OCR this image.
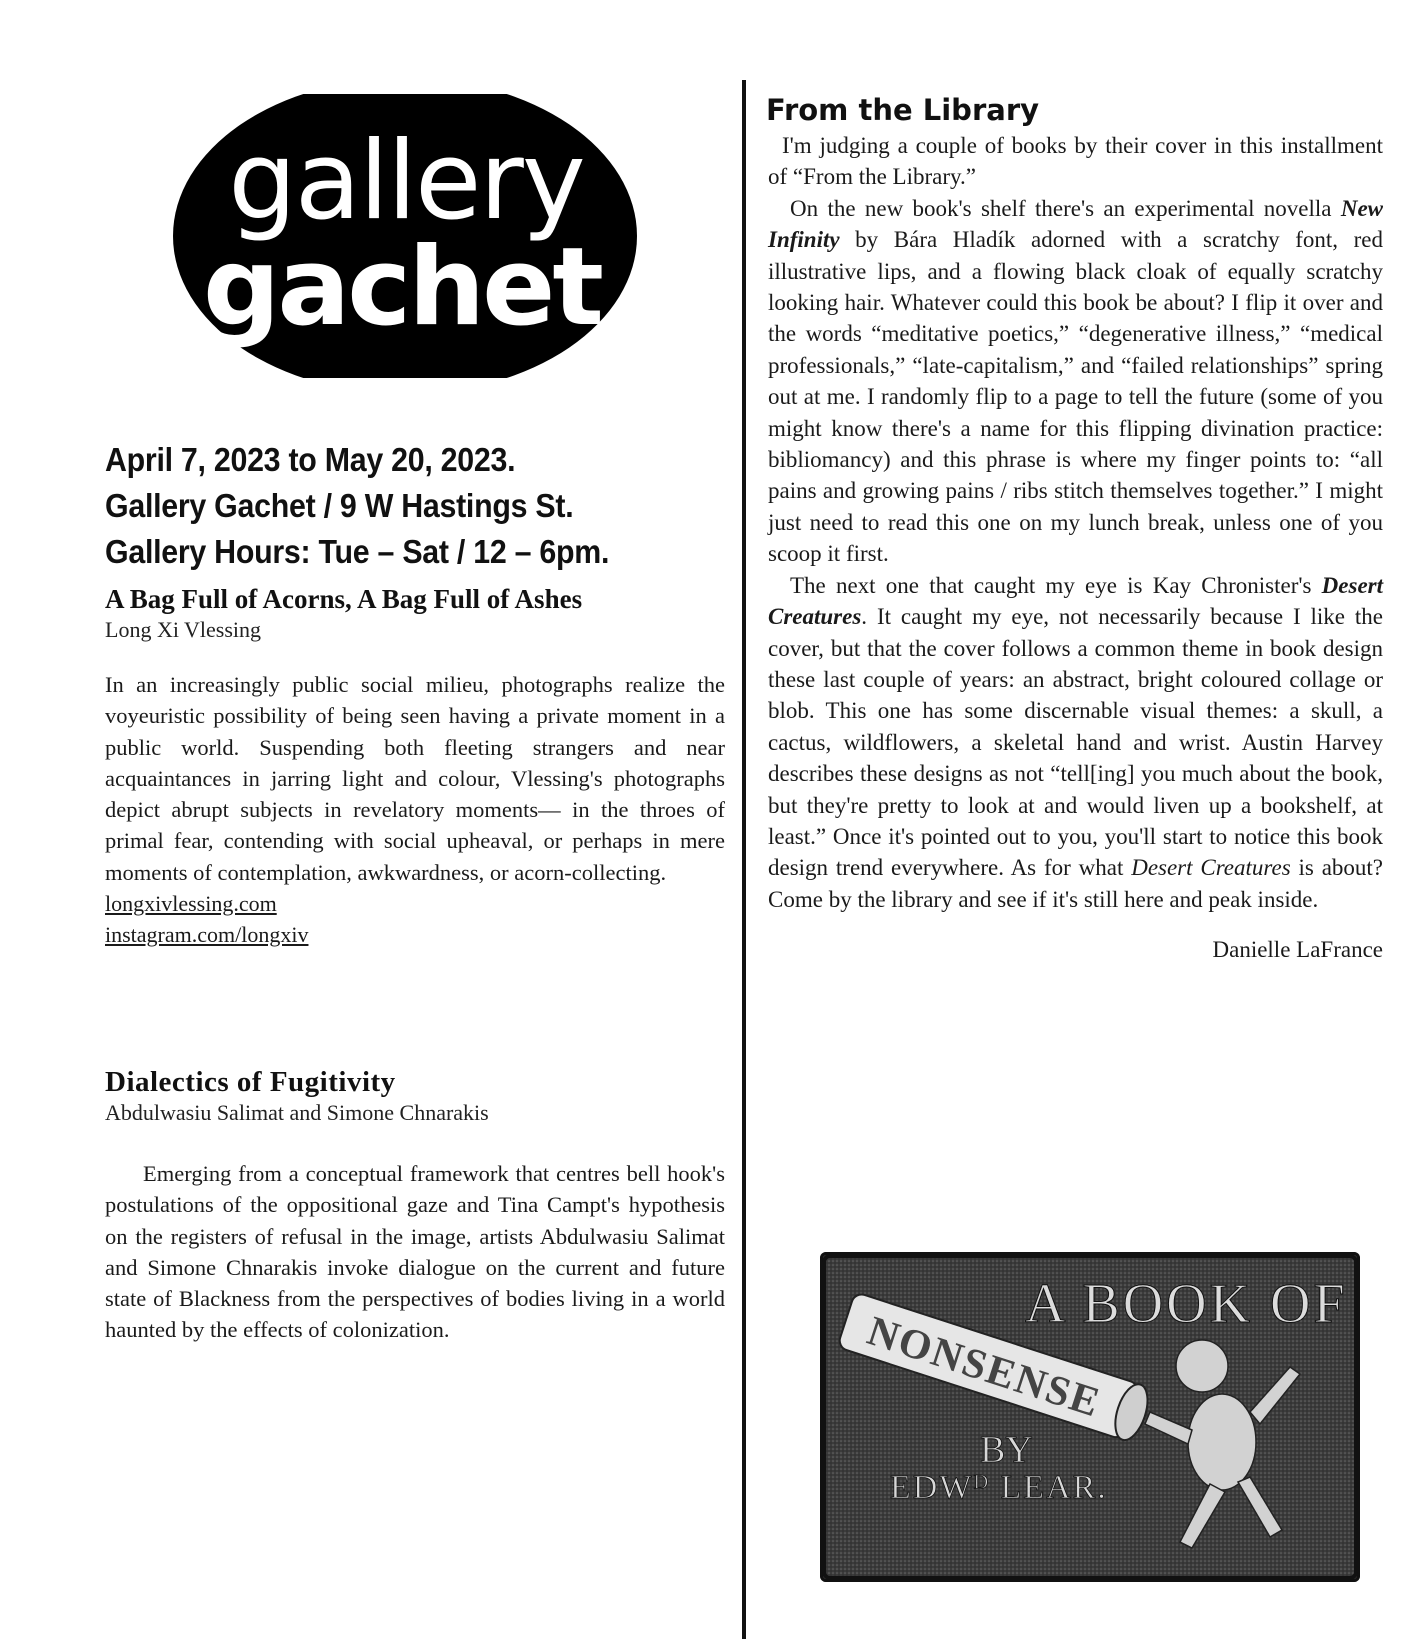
gallery
gachet
April 7, 2023 to May 20, 2023.
Gallery Gachet / 9 W Hastings St.
Gallery Hours: Tue – Sat / 12 – 6pm.
A Bag Full of Acorns, A Bag Full of Ashes
Long Xi Vlessing
In an increasingly public social milieu, photographs realize the voyeuristic possibility of being seen having a private moment in a public world. Suspending both fleeting strangers and near acquaintances in jarring light and colour, Vlessing's photographs depict abrupt subjects in revelatory moments— in the throes of primal fear, contending with social upheaval, or perhaps in mere moments of contemplation, awkwardness, or acorn-collecting.
longxivlessing.com
instagram.com/longxiv
Dialectics of Fugitivity
Abdulwasiu Salimat and Simone Chnarakis
Emerging from a conceptual framework that centres bell hook's postulations of the oppositional gaze and Tina Campt's hypothesis on the registers of refusal in the image, artists Abdulwasiu Salimat and Simone Chnarakis invoke dialogue on the current and future state of Blackness from the perspectives of bodies living in a world haunted by the effects of colonization.
From the Library

I'm judging a couple of books by their cover in this installment of “From the Library.”

On the new book's shelf there's an experimental novella New Infinity by Bára Hladík adorned with a scratchy font, red illustrative lips, and a flowing black cloak of equally scratchy looking hair. Whatever could this book be about? I flip it over and the words “meditative poetics,” “degenerative illness,” “medical professionals,” “late-capitalism,” and “failed relationships” spring out at me. I randomly flip to a page to tell the future (some of you might know there's a name for this flipping divination practice: bibliomancy) and this phrase is where my finger points to: “all pains and growing pains / ribs stitch themselves together.” I might just need to read this one on my lunch break, unless one of you scoop it first.

The next one that caught my eye is Kay Chronister's Desert Creatures. It caught my eye, not necessarily because I like the cover, but that the cover follows a common theme in book design these last couple of years: an abstract, bright coloured collage or blob. This one has some discernable visual themes: a skull, a cactus, wildflowers, a skeletal hand and wrist. Austin Harvey describes these designs as not “tell[ing] you much about the book, but they're pretty to look at and would liven up a bookshelf, at least.” Once it's pointed out to you, you'll start to notice this book design trend everywhere. As for what Desert Creatures is about? Come by the library and see if it's still here and peak inside.

Danielle LaFrance
A BOOK OF
NONSENSE
BY
EDWᴰ LEAR.
